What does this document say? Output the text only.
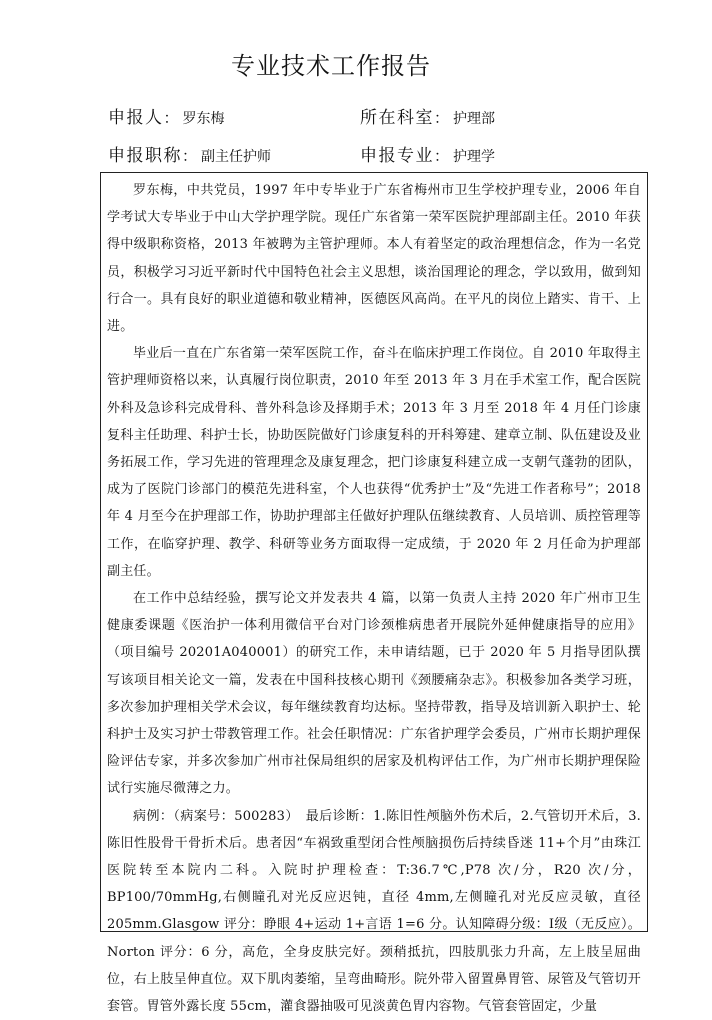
专业技术工作报告
申报人： 罗东梅	所在科室： 护理部
申报职称： 副主任护师	申报专业： 护理学

罗东梅，中共党员，1997 年中专毕业于广东省梅州市卫生学校护理专业，2006 年自学考试大专毕业于中山大学护理学院。现任广东省第一荣军医院护理部副主任。2010 年获得中级职称资格，2013 年被聘为主管护理师。本人有着坚定的政治理想信念，作为一名党员，积极学习习近平新时代中国特色社会主义思想，谈治国理论的理念，学以致用，做到知行合一。具有良好的职业道德和敬业精神，医德医风高尚。在平凡的岗位上踏实、肯干、上进。

毕业后一直在广东省第一荣军医院工作，奋斗在临床护理工作岗位。自 2010 年取得主管护理师资格以来，认真履行岗位职责，2010 年至 2013 年 3 月在手术室工作，配合医院外科及急诊科完成骨科、普外科急诊及择期手术；2013 年 3 月至 2018 年 4 月任门诊康复科主任助理、科护士长，协助医院做好门诊康复科的开科筹建、建章立制、队伍建设及业务拓展工作，学习先进的管理理念及康复理念，把门诊康复科建立成一支朝气蓬勃的团队，成为了医院门诊部门的模范先进科室，个人也获得“优秀护士”及“先进工作者称号”；2018 年 4 月至今在护理部工作，协助护理部主任做好护理队伍继续教育、人员培训、质控管理等工作，在临穿护理、教学、科研等业务方面取得一定成绩，于 2020 年 2 月任命为护理部副主任。

在工作中总结经验，撰写论文并发表共 4 篇，以第一负责人主持 2020 年广州市卫生健康委课题《医治护一体利用微信平台对门诊颈椎病患者开展院外延伸健康指导的应用》（项目编号 20201A040001）的研究工作，未申请结题，已于 2020 年 5 月指导团队撰写该项目相关论文一篇，发表在中国科技核心期刊《颈腰痛杂志》。积极参加各类学习班，多次参加护理相关学术会议，每年继续教育均达标。坚持带教，指导及培训新入职护士、轮科护士及实习护士带教管理工作。社会任职情况：广东省护理学会委员，广州市长期护理保险评估专家，并多次参加广州市社保局组织的居家及机构评估工作，为广州市长期护理保险试行实施尽微薄之力。

病例：（病案号：500283）　最后诊断：1.陈旧性颅脑外伤术后，2.气管切开术后，3.陈旧性股骨干骨折术后。患者因“车祸致重型闭合性颅脑损伤后持续昏迷 11+个月”由珠江医院转至本院内二科。入院时护理检查：T:36.7℃,P78 次/分，R20 次/分，BP100/70mmHg,右侧瞳孔对光反应迟钝，直径 4mm,左侧瞳孔对光反应灵敏，直径 205mm.Glasgow 评分：睁眼 4+运动 1+言语 1=6 分。认知障碍分级：Ⅰ级（无反应）。Norton 评分：6 分，高危，全身皮肤完好。颈稍抵抗，四肢肌张力升高，左上肢呈屈曲位，右上肢呈伸直位。双下肌肉萎缩，呈弯曲畸形。院外带入留置鼻胃管、尿管及气管切开套管。胃管外露长度 55cm，灌食器抽吸可见淡黄色胃内容物。气管套管固定，少量
